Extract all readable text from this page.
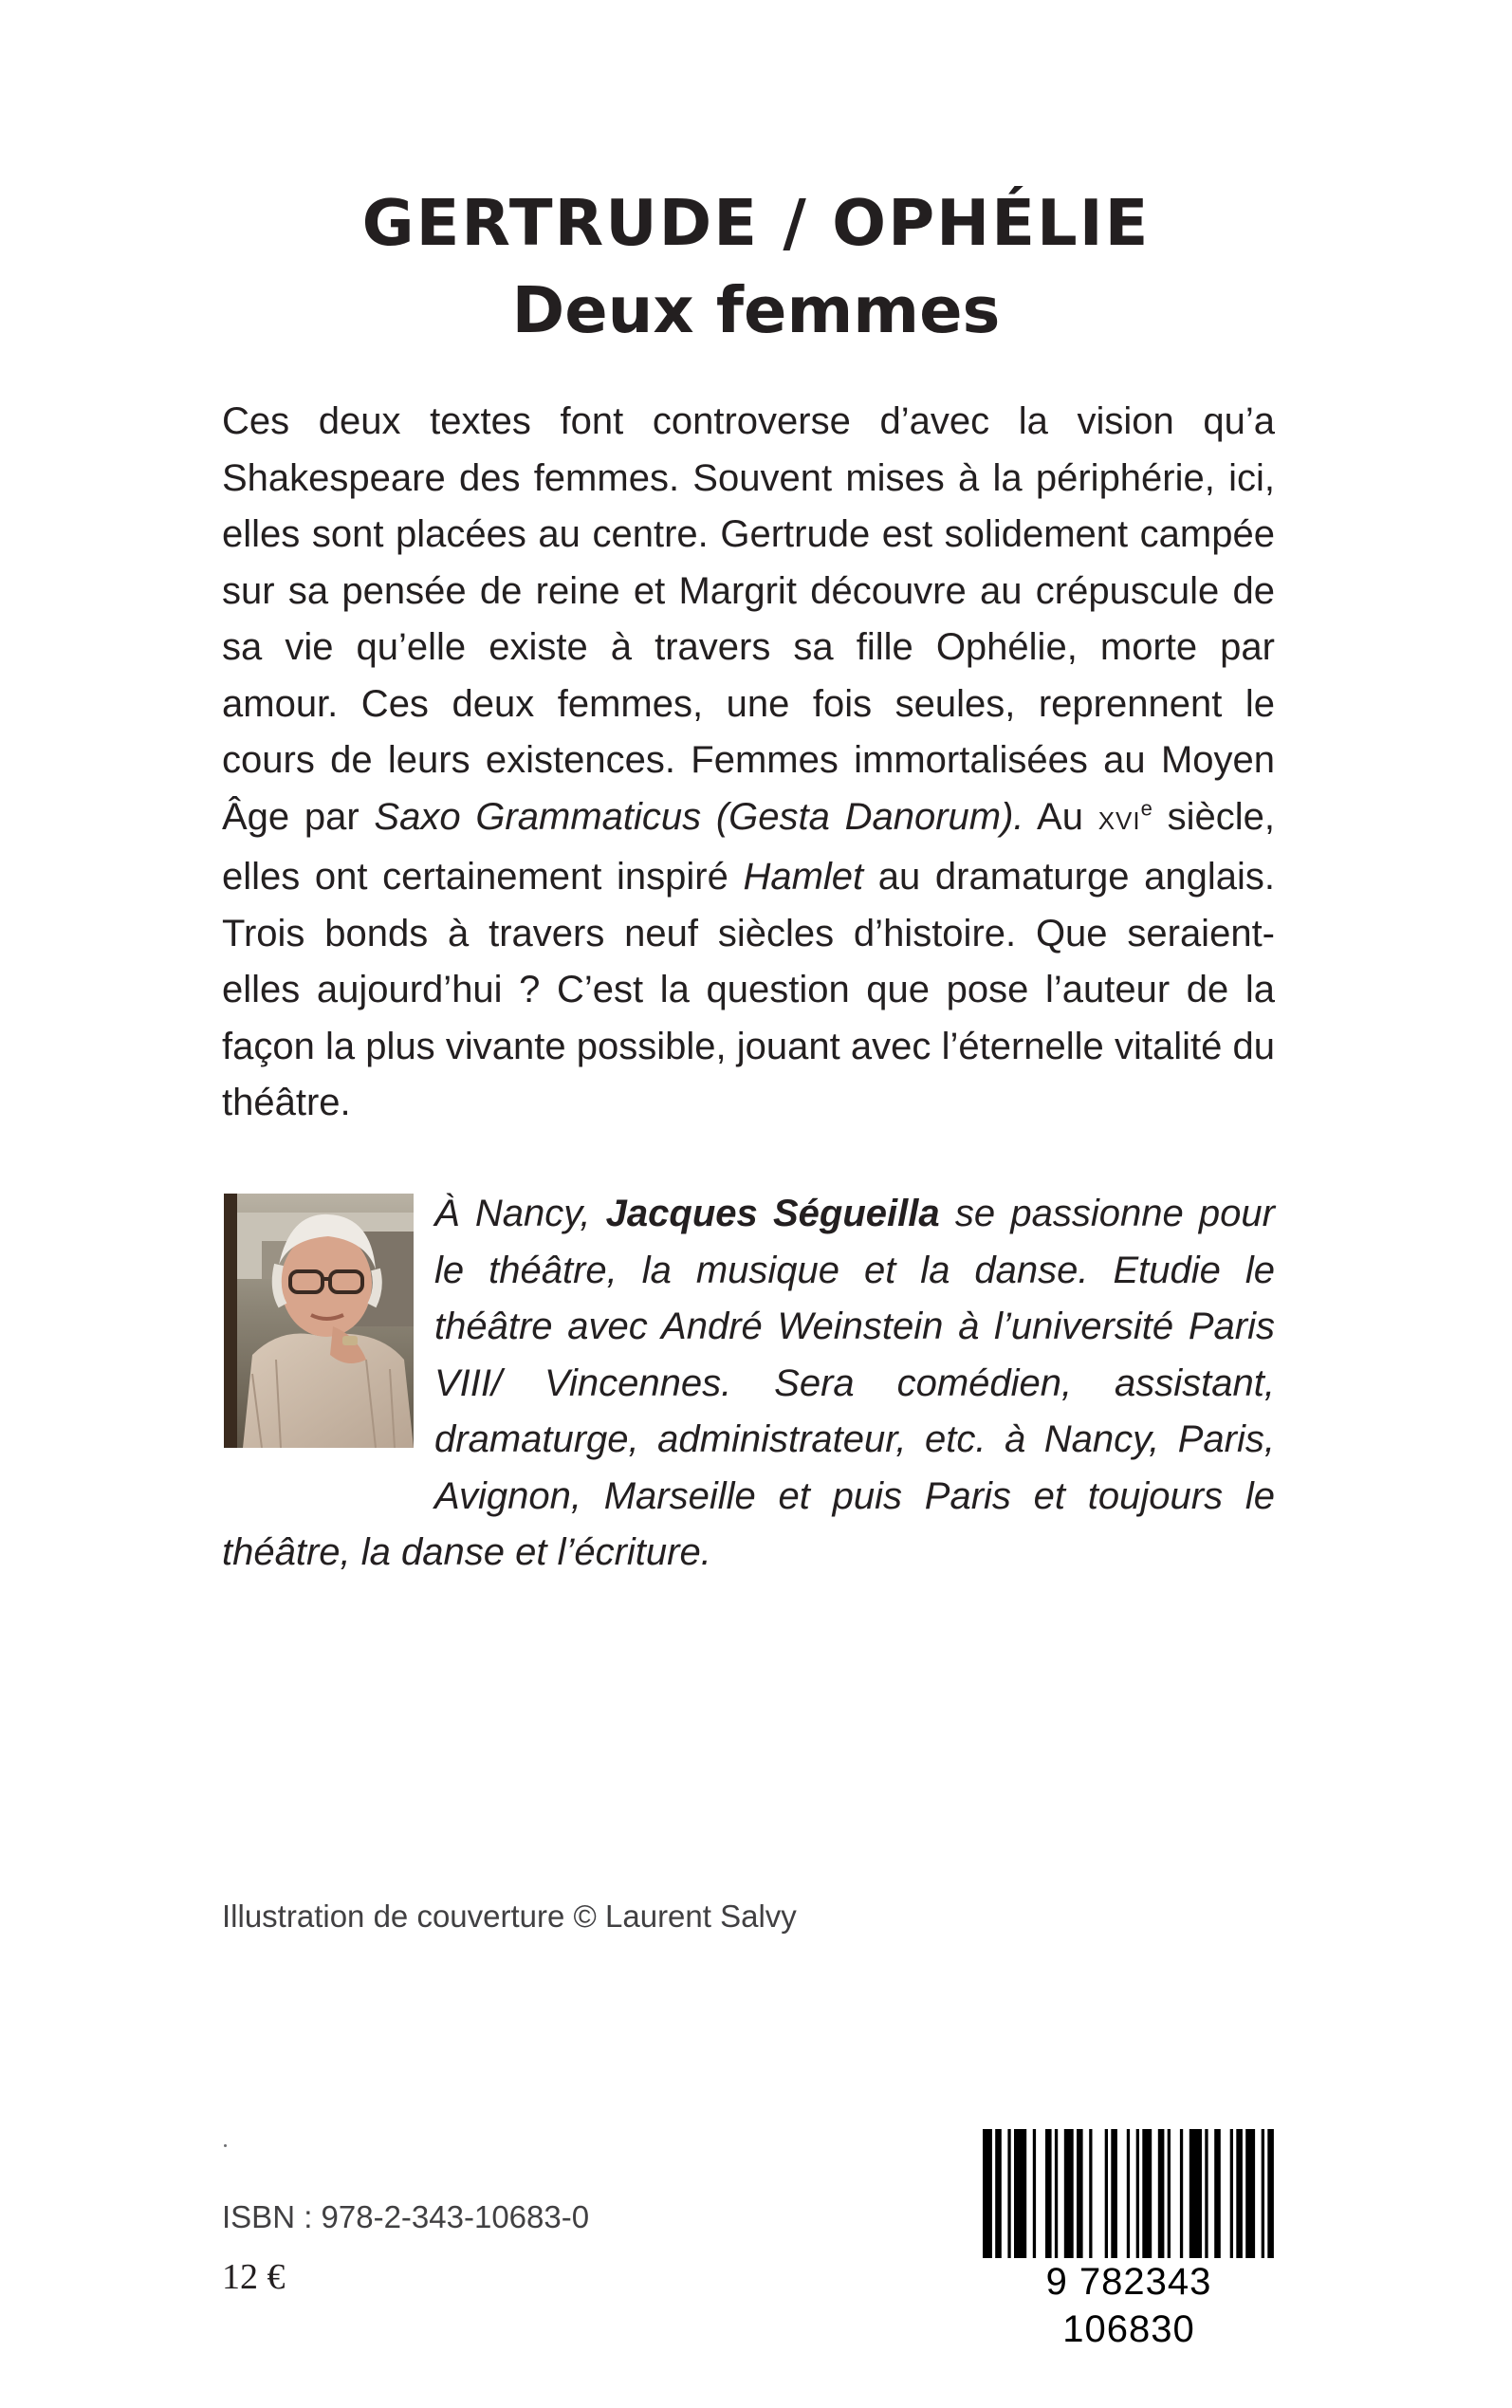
GERTRUDE / OPHÉLIE
Deux femmes
Ces deux textes font controverse d’avec la vision qu’a Shakespeare des femmes. Souvent mises à la périphérie, ici, elles sont placées au centre. Gertrude est solidement campée sur sa pensée de reine et Margrit découvre au crépuscule de sa vie qu’elle existe à travers sa fille Ophélie, morte par amour. Ces deux femmes, une fois seules, reprennent le cours de leurs existences. Femmes immortalisées au Moyen Âge par Saxo Grammaticus (Gesta Danorum). Au XVIe siècle, elles ont certainement inspiré Hamlet au dramaturge anglais. Trois bonds à travers neuf siècles d’histoire. Que seraient-elles aujourd’hui ? C’est la question que pose l’auteur de la façon la plus vivante possible, jouant avec l’éternelle vitalité du théâtre.
À Nancy, Jacques Ségueilla se passionne pour le théâtre, la musique et la danse. Etudie le théâtre avec André Weinstein à l’université Paris VIII/ Vincennes. Sera comédien, assistant, dramaturge, administrateur, etc. à Nancy, Paris, Avignon, Marseille et puis Paris et toujours le théâtre, la danse et l’écriture.
Illustration de couverture © Laurent Salvy
ISBN : 978-2-343-10683-0
12 €	9 782343 106830
